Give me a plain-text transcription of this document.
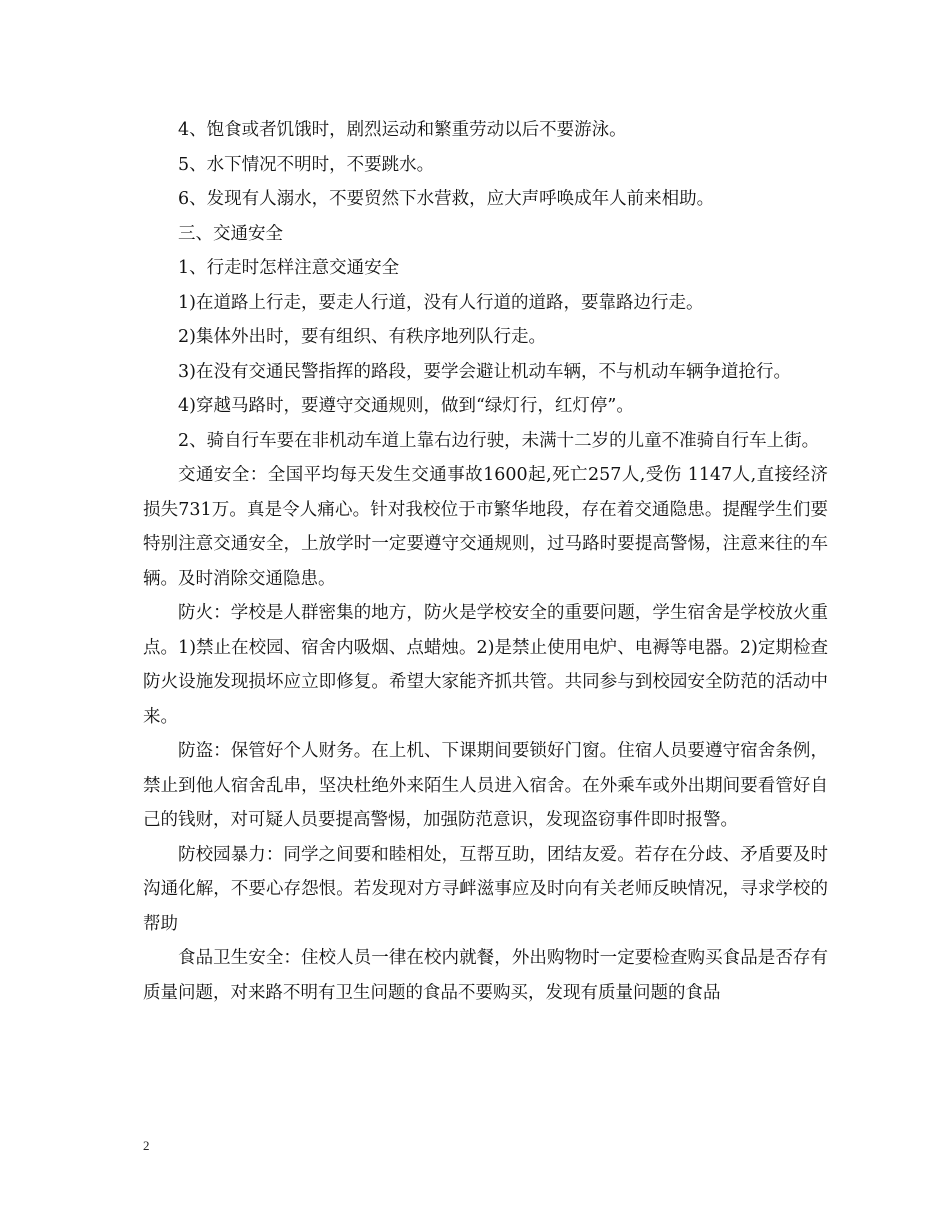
4、饱食或者饥饿时，剧烈运动和繁重劳动以后不要游泳。

5、水下情况不明时，不要跳水。

6、发现有人溺水，不要贸然下水营救，应大声呼唤成年人前来相助。

三、交通安全

1、行走时怎样注意交通安全

1)在道路上行走，要走人行道，没有人行道的道路，要靠路边行走。

2)集体外出时，要有组织、有秩序地列队行走。

3)在没有交通民警指挥的路段，要学会避让机动车辆，不与机动车辆争道抢行。

4)穿越马路时，要遵守交通规则，做到“绿灯行，红灯停”。

2、骑自行车要在非机动车道上靠右边行驶，未满十二岁的儿童不准骑自行车上街。

交通安全：全国平均每天发生交通事故1600起,死亡257人,受伤 1147人,直接经济损失731万。真是令人痛心。针对我校位于市繁华地段，存在着交通隐患。提醒学生们要特别注意交通安全，上放学时一定要遵守交通规则，过马路时要提高警惕，注意来往的车辆。及时消除交通隐患。

防火：学校是人群密集的地方，防火是学校安全的重要问题，学生宿舍是学校放火重点。1)禁止在校园、宿舍内吸烟、点蜡烛。2)是禁止使用电炉、电褥等电器。2)定期检查防火设施发现损坏应立即修复。希望大家能齐抓共管。共同参与到校园安全防范的活动中来。

防盗：保管好个人财务。在上机、下课期间要锁好门窗。住宿人员要遵守宿舍条例，禁止到他人宿舍乱串，坚决杜绝外来陌生人员进入宿舍。在外乘车或外出期间要看管好自己的钱财，对可疑人员要提高警惕，加强防范意识，发现盗窃事件即时报警。

防校园暴力：同学之间要和睦相处，互帮互助，团结友爱。若存在分歧、矛盾要及时沟通化解，不要心存怨恨。若发现对方寻衅滋事应及时向有关老师反映情况，寻求学校的帮助

食品卫生安全：住校人员一律在校内就餐，外出购物时一定要检查购买食品是否存有质量问题，对来路不明有卫生问题的食品不要购买，发现有质量问题的食品

2
